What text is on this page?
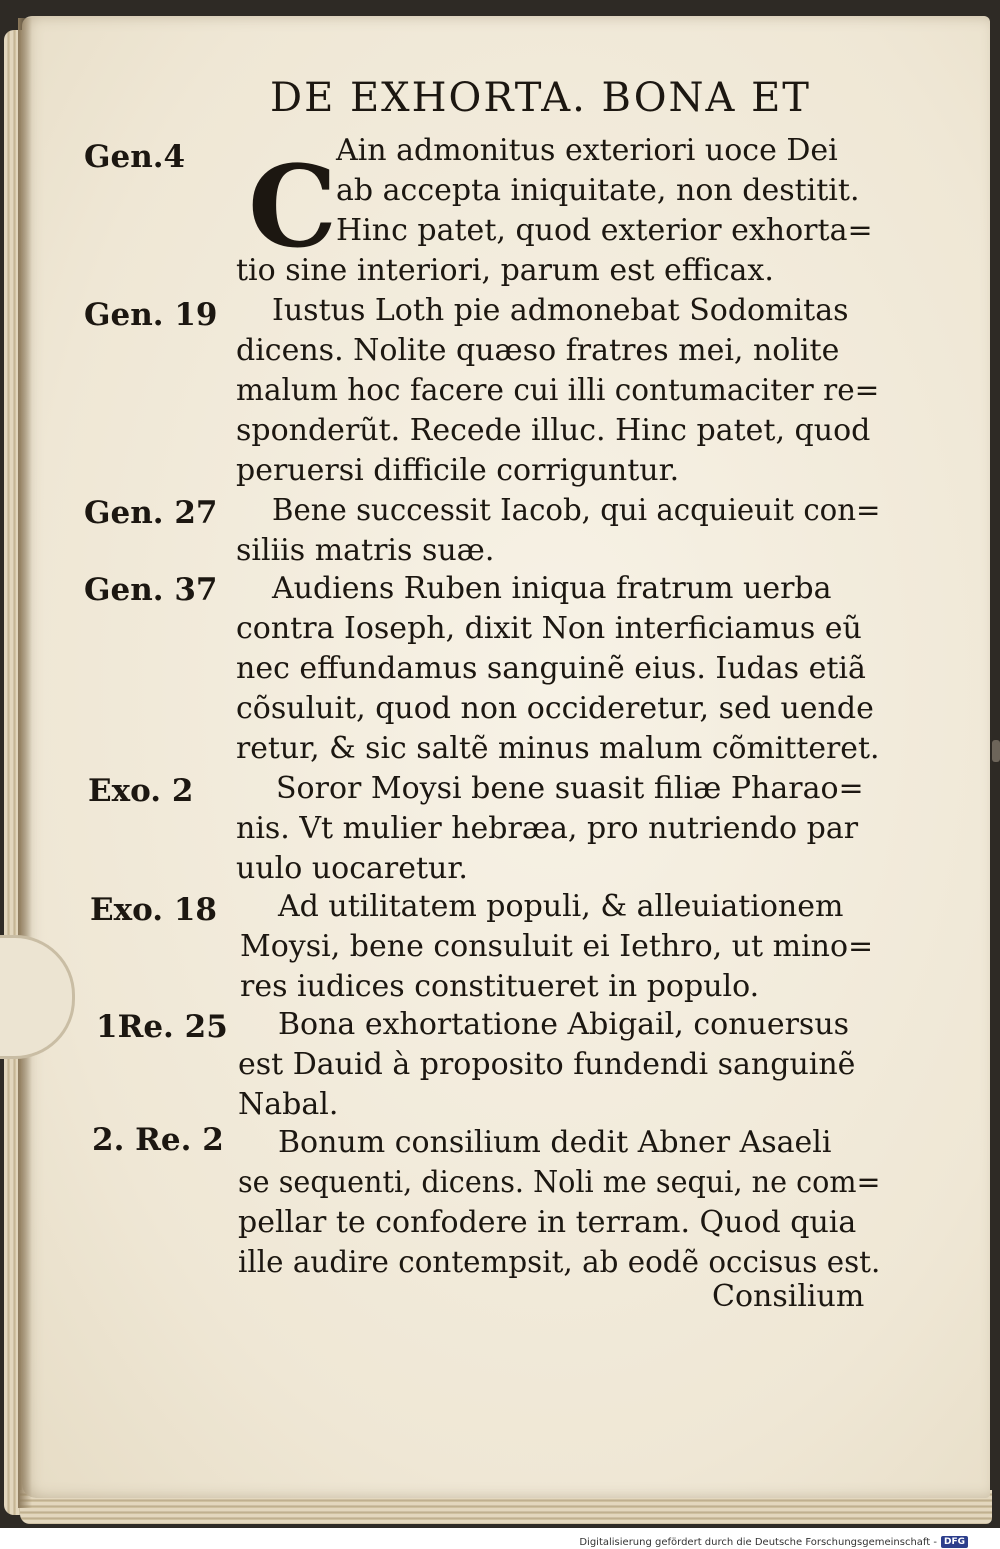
DE EXHORTA. BONA ET
Gen.4
Gen. 19
Gen. 27
Gen. 37
Exo. 2
Exo. 18
1Re. 25
2. Re. 2
C
Ain admonitus exteriori uoce Dei
ab accepta iniquitate, non destitit.
Hinc patet, quod exterior exhorta=
tio sine interiori, parum est efficax.
Iustus Loth pie admonebat Sodomitas
dicens. Nolite quæso fratres mei, nolite
malum hoc facere cui illi contumaciter re=
sponderũt. Recede illuc. Hinc patet, quod
peruersi difficile corriguntur.
Bene successit Iacob, qui acquieuit con=
siliis matris suæ.
Audiens Ruben iniqua fratrum uerba
contra Ioseph, dixit Non interficiamus eũ
nec effundamus sanguinẽ eius. Iudas etiã
cõsuluit, quod non occideretur, sed uende
retur, & sic saltẽ minus malum cõmitteret.
Soror Moysi bene suasit filiæ Pharao=
nis. Vt mulier hebræa, pro nutriendo par
uulo uocaretur.
Ad utilitatem populi, & alleuiationem
Moysi, bene consuluit ei Iethro, ut mino=
res iudices constitueret in populo.
Bona exhortatione Abigail, conuersus
est Dauid à proposito fundendi sanguinẽ
Nabal.
Bonum consilium dedit Abner Asaeli
se sequenti, dicens. Noli me sequi, ne com=
pellar te confodere in terram. Quod quia
ille audire contempsit, ab eodẽ occisus est.
Consilium
Digitalisierung gefördert durch die Deutsche Forschungsgemeinschaft - DFG
